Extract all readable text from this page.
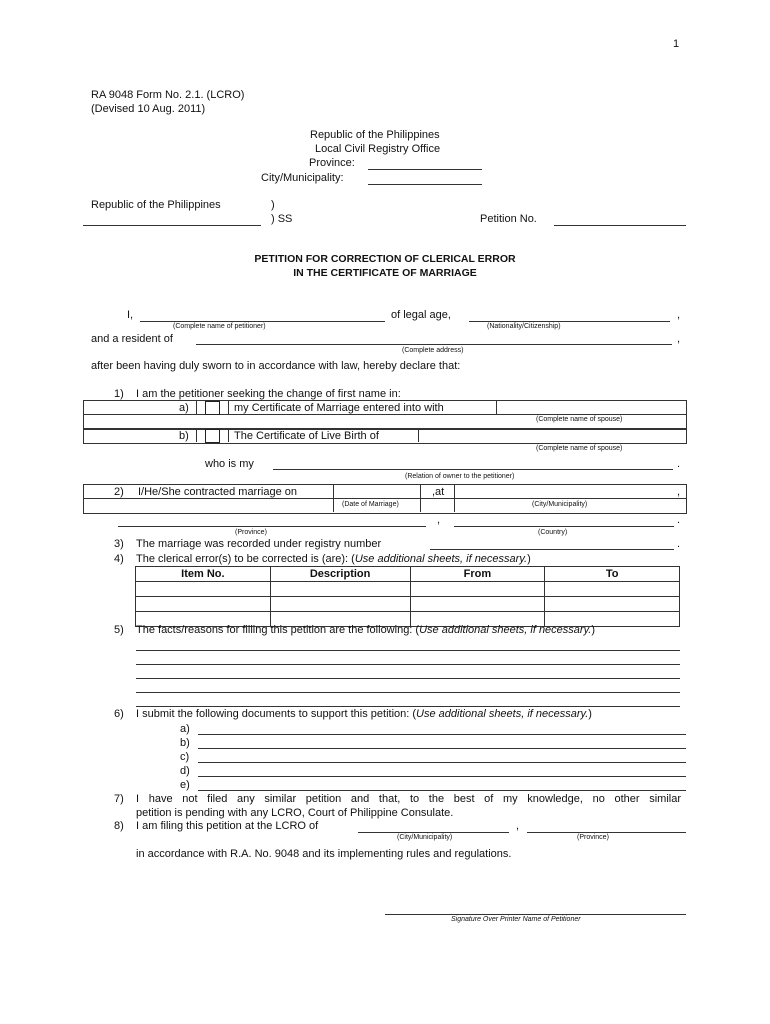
1
RA 9048 Form No. 2.1. (LCRO)
(Devised 10 Aug. 2011)
Republic of the Philippines
Local Civil Registry Office
Province:
City/Municipality:
Republic of the Philippines	)
) SS	Petition No.
PETITION FOR CORRECTION OF CLERICAL ERROR
IN THE CERTIFICATE OF MARRIAGE
I,	of legal age,	,
(Complete name of petitioner)	(Nationality/Citizenship)
and a resident of	,
(Complete address)
after been having duly sworn to in accordance with law, hereby declare that:
1) I am the petitioner seeking the change of first name in:
a)	my Certificate of Marriage entered into with
(Complete name of spouse)
b)	The Certificate of Live Birth of
(Complete name of spouse)
who is my	.
(Relation of owner to the petitioner)
2) I/He/She contracted marriage on	,at	,
(Date of Marriage)	(City/Municipality)
,	.
(Province)	(Country)
3) The marriage was recorded under registry number	.
4) The clerical error(s) to be corrected is (are): (Use additional sheets, if necessary.)
Item No.	Description	From	To

5) The facts/reasons for filling this petition are the following: (Use additional sheets, if necessary.)
6) I submit the following documents to support this petition: (Use additional sheets, if necessary.)
a)
b)
c)
d)
e)
7) I have not filed any similar petition and that, to the best of my knowledge, no other similar
petition is pending with any LCRO, Court of Philippine Consulate.
8) I am filing this petition at the LCRO of	,
(City/Municipality)	(Province)
in accordance with R.A. No. 9048 and its implementing rules and regulations.
Signature Over Printer Name of Petitioner
